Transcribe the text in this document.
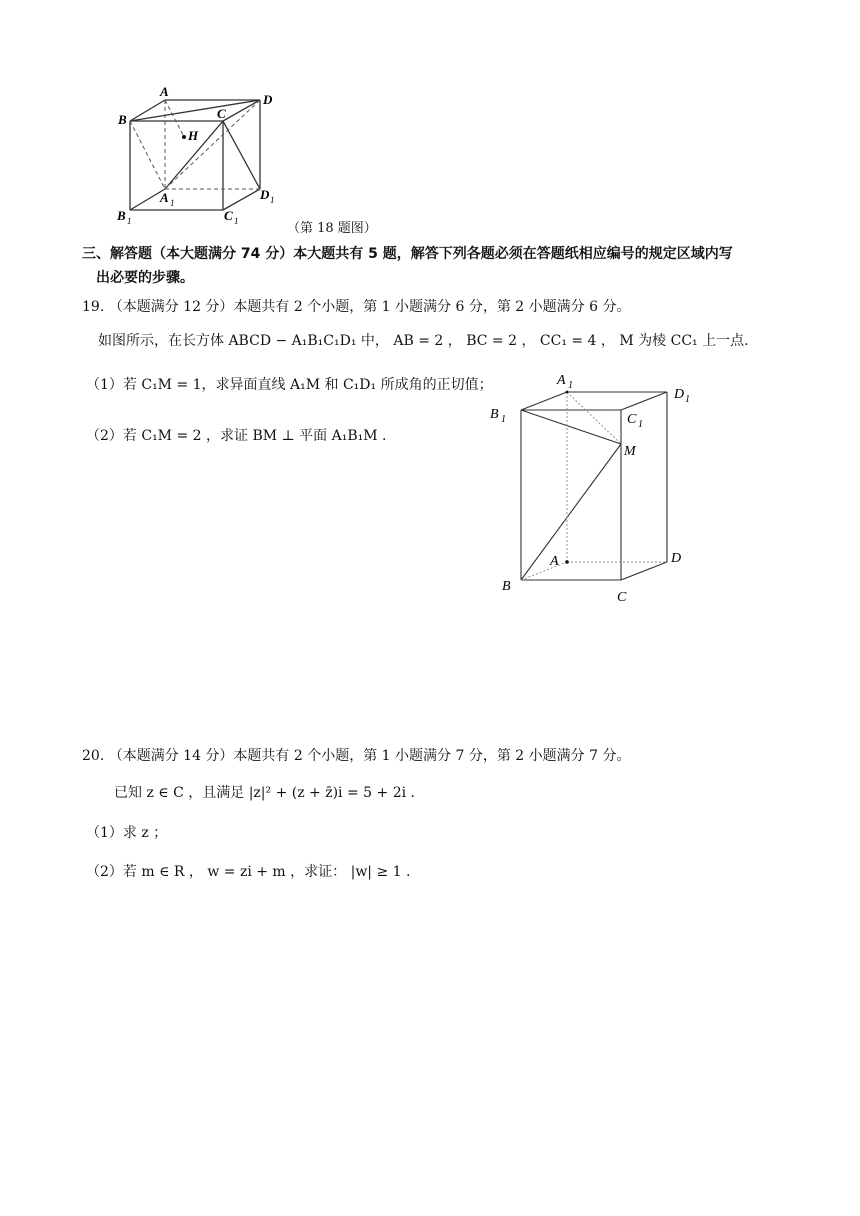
A
B	C
D
H
A 1
D 1
B 1	C 1	（第 18 题图）
三、解答题（本大题满分 74 分）本大题共有 5 题，解答下列各题必须在答题纸相应编号的规定区域内写
出必要的步骤。
19. （本题满分 12 分）本题共有 2 个小题，第 1 小题满分 6 分，第 2 小题满分 6 分。
如图所示，在长方体 ABCD − A₁B₁C₁D₁ 中， AB = 2 ， BC = 2 ， CC₁ = 4 ， M 为棱 CC₁ 上一点.
（1）若 C₁M = 1，求异面直线 A₁M 和 C₁D₁ 所成角的正切值；
（2）若 C₁M = 2 ，求证 BM ⊥ 平面 A₁B₁M .
A 1
D 1
B 1	C 1
M
A	D
B
C
20. （本题满分 14 分）本题共有 2 个小题，第 1 小题满分 7 分，第 2 小题满分 7 分。
已知 z ∈ C ，且满足 |z|² + (z + z̄)i = 5 + 2i .
（1）求 z ；
（2）若 m ∈ R ， w = zi + m ，求证： |w| ≥ 1 .
